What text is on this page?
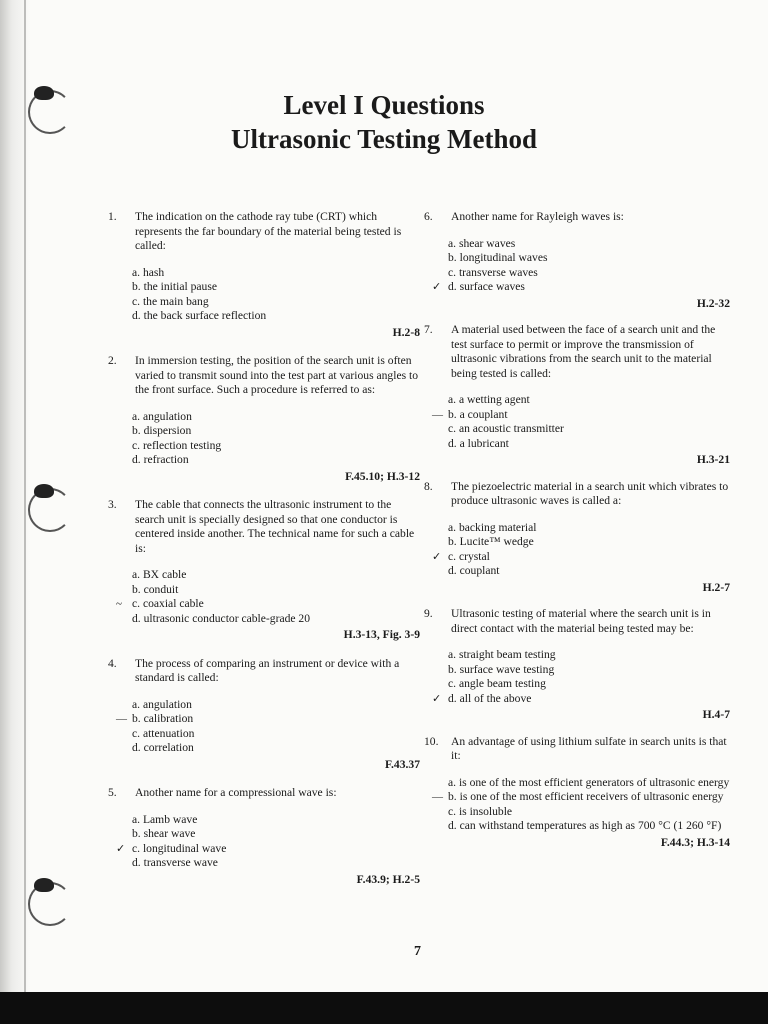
Level I Questions
Ultrasonic Testing Method
1.	The indication on the cathode ray tube (CRT) which represents the far boundary of the material being tested is called:
a. hash
b. the initial pause
c. the main bang
d. the back surface reflection
H.2-8
2.	In immersion testing, the position of the search unit is often varied to transmit sound into the test part at various angles to the front surface. Such a procedure is referred to as:
a. angulation
b. dispersion
c. reflection testing
d. refraction
F.45.10; H.3-12
3.	The cable that connects the ultrasonic instrument to the search unit is specially designed so that one conductor is centered inside another. The technical name for such a cable is:
a. BX cable
b. conduit
~ c. coaxial cable
d. ultrasonic conductor cable-grade 20
H.3-13, Fig. 3-9
4.	The process of comparing an instrument or device with a standard is called:
a. angulation
— b. calibration
c. attenuation
d. correlation
F.43.37
5.	Another name for a compressional wave is:
a. Lamb wave
b. shear wave
✓ c. longitudinal wave
d. transverse wave
F.43.9; H.2-5
6.	Another name for Rayleigh waves is:
a. shear waves
b. longitudinal waves
c. transverse waves
✓ d. surface waves
H.2-32
7.	A material used between the face of a search unit and the test surface to permit or improve the transmission of ultrasonic vibrations from the search unit to the material being tested is called:
a. a wetting agent
— b. a couplant
c. an acoustic transmitter
d. a lubricant
H.3-21
8.	The piezoelectric material in a search unit which vibrates to produce ultrasonic waves is called a:
a. backing material
b. Lucite™ wedge
✓ c. crystal
d. couplant
H.2-7
9.	Ultrasonic testing of material where the search unit is in direct contact with the material being tested may be:
a. straight beam testing
b. surface wave testing
c. angle beam testing
✓ d. all of the above
H.4-7
10.	An advantage of using lithium sulfate in search units is that it:
a. is one of the most efficient generators of ultrasonic energy
— b. is one of the most efficient receivers of ultrasonic energy
c. is insoluble
d. can withstand temperatures as high as 700 °C (1 260 °F)
F.44.3; H.3-14
7
